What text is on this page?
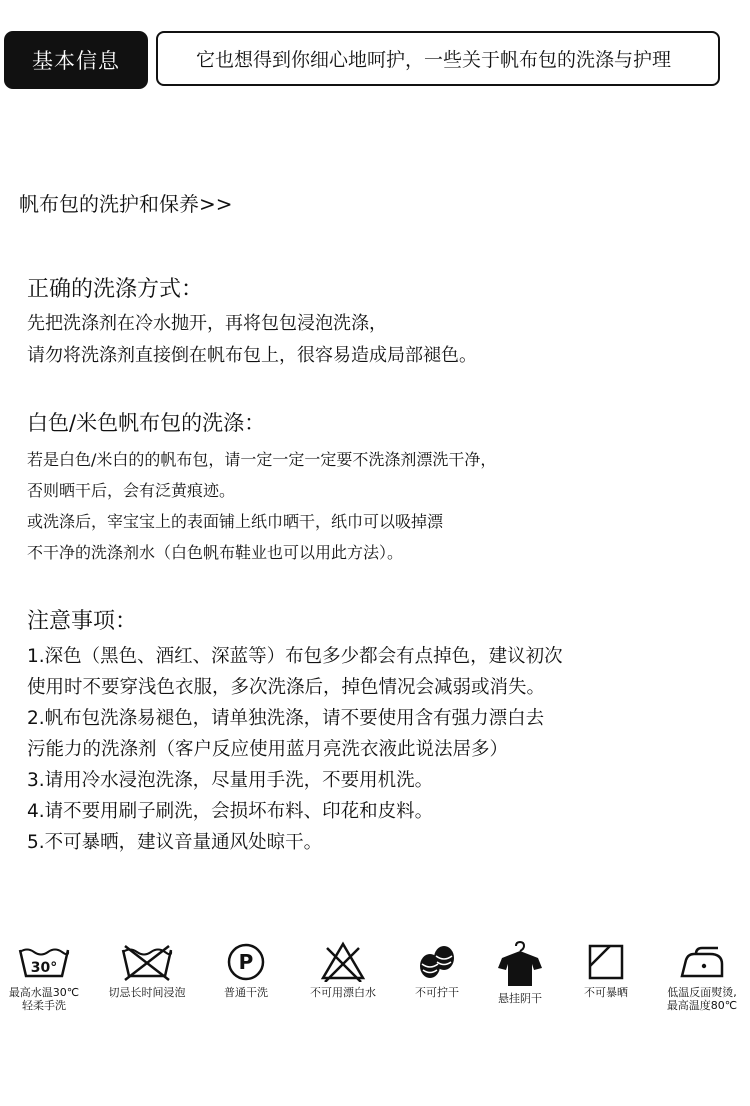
基本信息	它也想得到你细心地呵护，一些关于帆布包的洗涤与护理
帆布包的洗护和保养>>
正确的洗涤方式：
先把洗涤剂在冷水抛开，再将包包浸泡洗涤，
请勿将洗涤剂直接倒在帆布包上，很容易造成局部褪色。
白色/米色帆布包的洗涤：
若是白色/米白的的帆布包，请一定一定一定要不洗涤剂漂洗干净，
否则晒干后，会有泛黄痕迹。
或洗涤后，宰宝宝上的表面铺上纸巾晒干，纸巾可以吸掉漂
不干净的洗涤剂水（白色帆布鞋业也可以用此方法）。
注意事项：
1.深色（黑色、酒红、深蓝等）布包多少都会有点掉色，建议初次
使用时不要穿浅色衣服，多次洗涤后，掉色情况会减弱或消失。
2.帆布包洗涤易褪色，请单独洗涤，请不要使用含有强力漂白去
污能力的洗涤剂（客户反应使用蓝月亮洗衣液此说法居多）
3.请用冷水浸泡洗涤，尽量用手洗，不要用机洗。
4.请不要用刷子刷洗，会损坏布料、印花和皮料。
5.不可暴晒，建议音量通风处晾干。
30°
最高水温30℃
轻柔手洗
切忌长时间浸泡
P
普通干洗	不可用漂白水	不可拧干	悬挂阴干	不可暴晒	低温反面熨烫,
最高温度80℃
